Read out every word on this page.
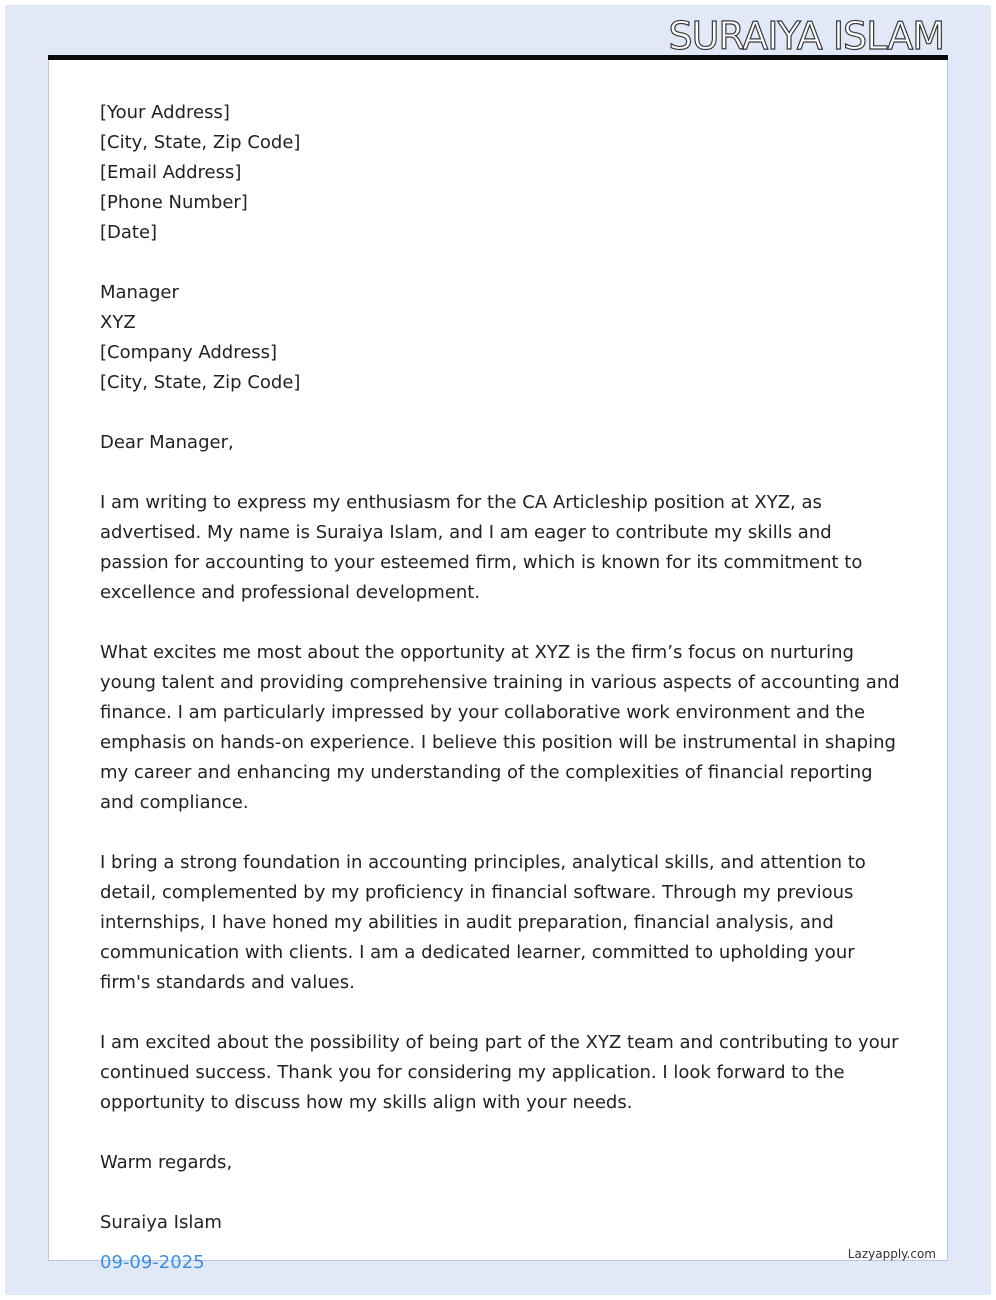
SURAIYA ISLAM
[Your Address]
[City, State, Zip Code]
[Email Address]
[Phone Number]
[Date]
Manager
XYZ
[Company Address]
[City, State, Zip Code]
Dear Manager,

I am writing to express my enthusiasm for the CA Articleship position at XYZ, as advertised. My name is Suraiya Islam, and I am eager to contribute my skills and passion for accounting to your esteemed firm, which is known for its commitment to excellence and professional development.

What excites me most about the opportunity at XYZ is the firm’s focus on nurturing young talent and providing comprehensive training in various aspects of accounting and finance. I am particularly impressed by your collaborative work environment and the emphasis on hands-on experience. I believe this position will be instrumental in shaping my career and enhancing my understanding of the complexities of financial reporting and compliance.

I bring a strong foundation in accounting principles, analytical skills, and attention to detail, complemented by my proficiency in financial software. Through my previous internships, I have honed my abilities in audit preparation, financial analysis, and communication with clients. I am a dedicated learner, committed to upholding your firm's standards and values.

I am excited about the possibility of being part of the XYZ team and contributing to your continued success. Thank you for considering my application. I look forward to the opportunity to discuss how my skills align with your needs.

Warm regards,
Suraiya Islam
09-09-2025	Lazyapply.com
